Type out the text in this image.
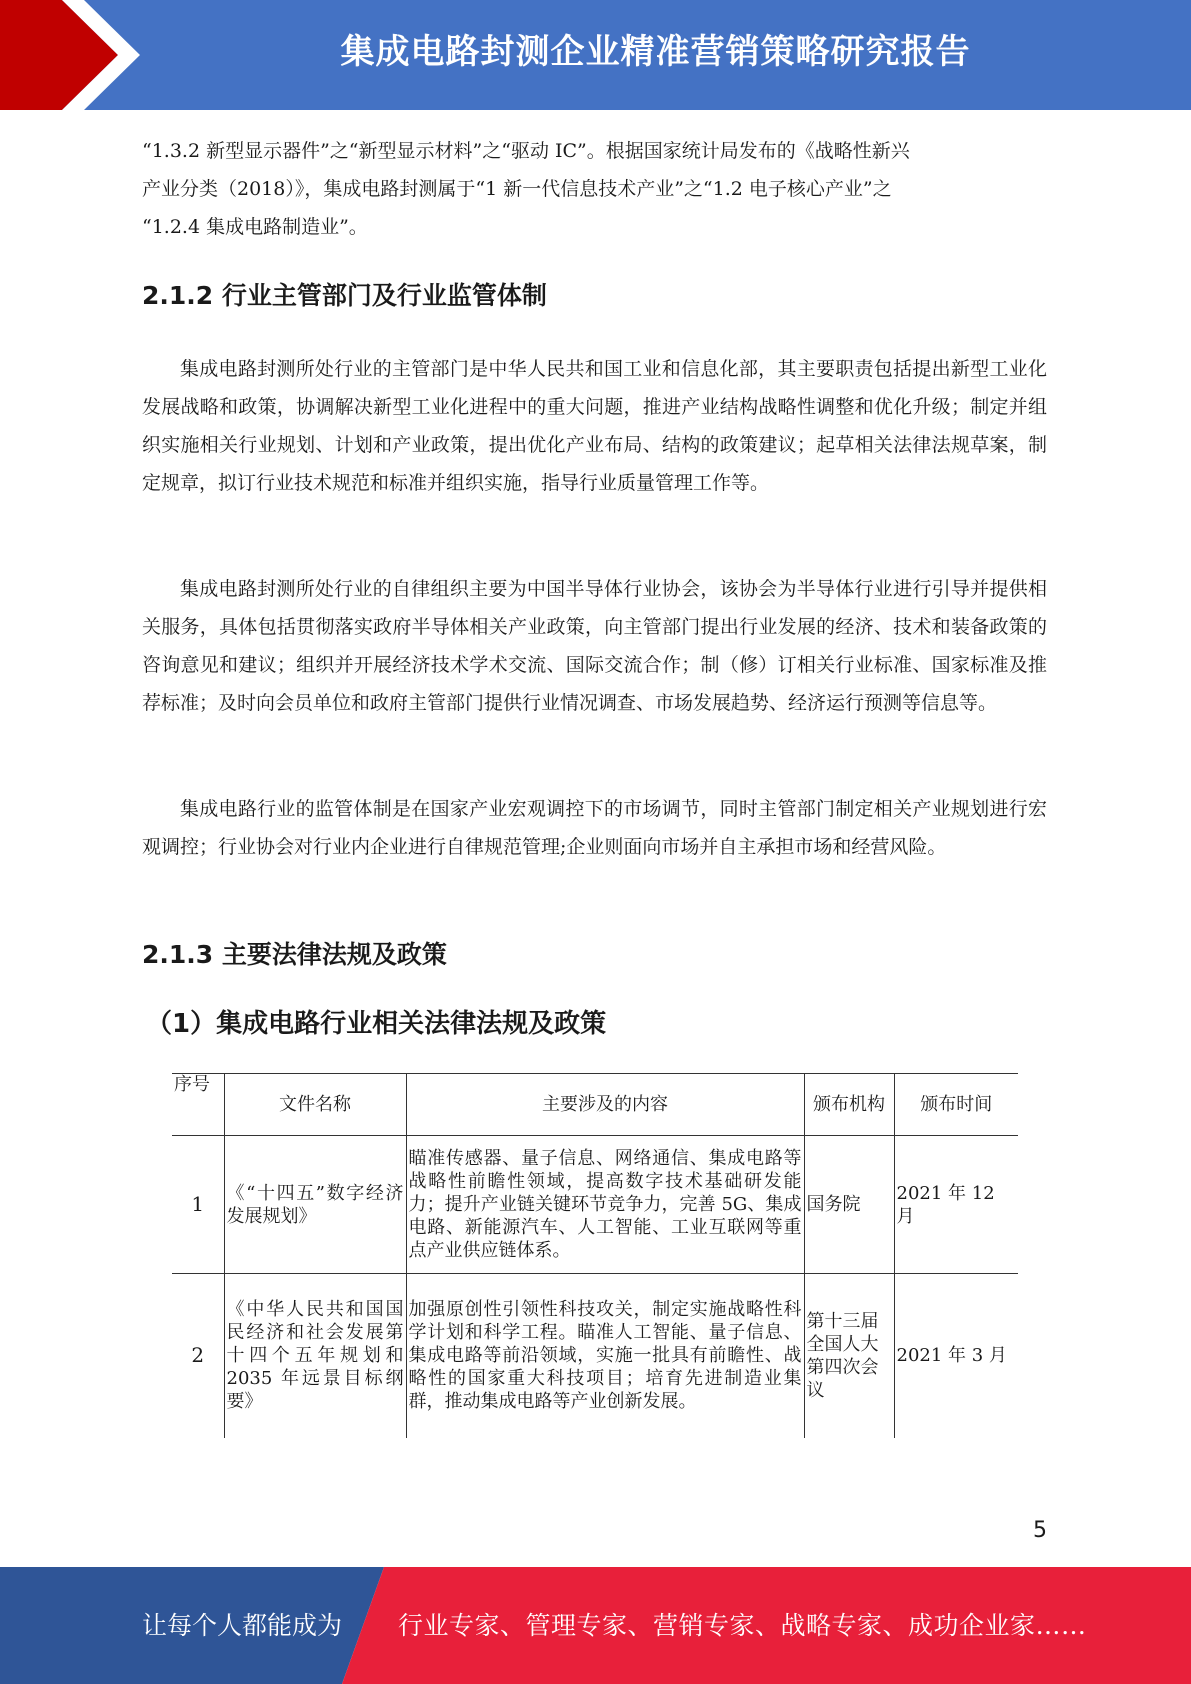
集成电路封测企业精准营销策略研究报告
“1.3.2 新型显示器件”之“新型显示材料”之“驱动 IC”。根据国家统计局发布的《战略性新兴
产业分类（2018）》，集成电路封测属于“1 新一代信息技术产业”之“1.2 电子核心产业”之
“1.2.4 集成电路制造业”。
2.1.2 行业主管部门及行业监管体制
集成电路封测所处行业的主管部门是中华人民共和国工业和信息化部，其主要职责包括提出新型工业化发展战略和政策，协调解决新型工业化进程中的重大问题，推进产业结构战略性调整和优化升级；制定并组织实施相关行业规划、计划和产业政策，提出优化产业布局、结构的政策建议；起草相关法律法规草案，制定规章，拟订行业技术规范和标准并组织实施，指导行业质量管理工作等。
集成电路封测所处行业的自律组织主要为中国半导体行业协会，该协会为半导体行业进行引导并提供相关服务，具体包括贯彻落实政府半导体相关产业政策，向主管部门提出行业发展的经济、技术和装备政策的咨询意见和建议；组织并开展经济技术学术交流、国际交流合作；制（修）订相关行业标准、国家标准及推荐标准；及时向会员单位和政府主管部门提供行业情况调查、市场发展趋势、经济运行预测等信息等。
集成电路行业的监管体制是在国家产业宏观调控下的市场调节，同时主管部门制定相关产业规划进行宏观调控；行业协会对行业内企业进行自律规范管理;企业则面向市场并自主承担市场和经营风险。
2.1.3 主要法律法规及政策
（1）集成电路行业相关法律法规及政策
序号	文件名称	主要涉及的内容	颁布机构	颁布时间
1	《“十四五”数字经济发展规划》	瞄准传感器、量子信息、网络通信、集成电路等战略性前瞻性领域，提高数字技术基础研发能力；提升产业链关键环节竞争力，完善 5G、集成电路、新能源汽车、人工智能、工业互联网等重点产业供应链体系。	国务院	2021 年 12 月
2	《中华人民共和国国民经济和社会发展第十四个五年规划和 2035 年远景目标纲要》	加强原创性引领性科技攻关，制定实施战略性科学计划和科学工程。瞄准人工智能、量子信息、集成电路等前沿领域，实施一批具有前瞻性、战略性的国家重大科技项目；培育先进制造业集群，推动集成电路等产业创新发展。	第十三届全国人大第四次会议	2021 年 3 月
5
让每个人都能成为 行业专家、管理专家、营销专家、战略专家、成功企业家……
